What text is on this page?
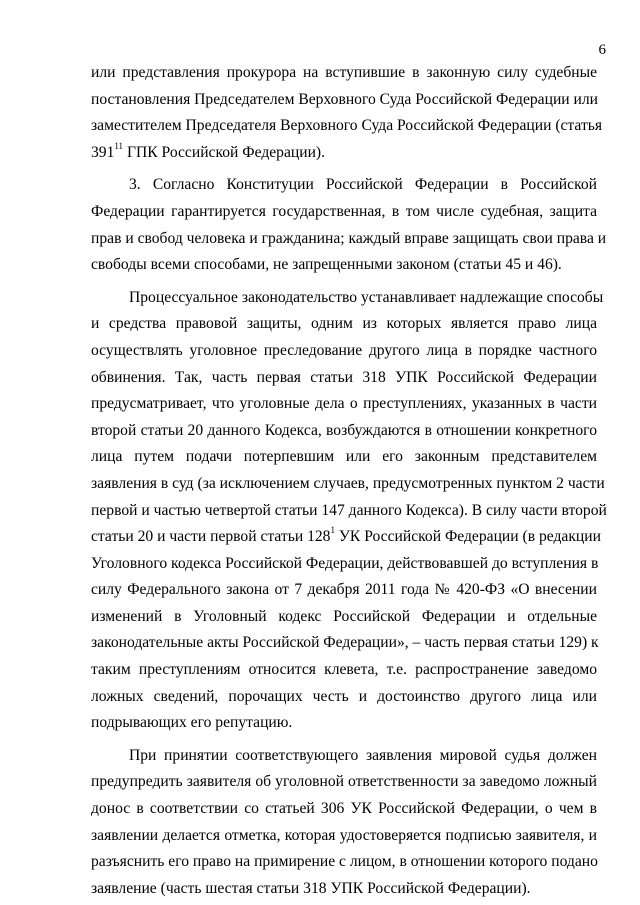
6
или представления прокурора на вступившие в законную силу судебные
постановления Председателем Верховного Суда Российской Федерации или
заместителем Председателя Верховного Суда Российской Федерации (статья
$391^{11}$ ГПК Российской Федерации).
3. Согласно Конституции Российской Федерации в Российской
Федерации гарантируется государственная, в том числе судебная, защита
прав и свобод человека и гражданина; каждый вправе защищать свои права и
свободы всеми способами, не запрещенными законом (статьи 45 и 46).
Процессуальное законодательство устанавливает надлежащие способы
и средства правовой защиты, одним из которых является право лица
осуществлять уголовное преследование другого лица в порядке частного
обвинения. Так, часть первая статьи 318 УПК Российской Федерации
предусматривает, что уголовные дела о преступлениях, указанных в части
второй статьи 20 данного Кодекса, возбуждаются в отношении конкретного
лица путем подачи потерпевшим или его законным представителем
заявления в суд (за исключением случаев, предусмотренных пунктом 2 части
первой и частью четвертой статьи 147 данного Кодекса). В силу части второй
статьи 20 и части первой статьи $128^1$ УК Российской Федерации (в редакции
Уголовного кодекса Российской Федерации, действовавшей до вступления в
силу Федерального закона от 7 декабря 2011 года № 420-ФЗ «О внесении
изменений в Уголовный кодекс Российской Федерации и отдельные
законодательные акты Российской Федерации», – часть первая статьи 129) к
таким преступлениям относится клевета, т.е. распространение заведомо
ложных сведений, порочащих честь и достоинство другого лица или
подрывающих его репутацию.
При принятии соответствующего заявления мировой судья должен
предупредить заявителя об уголовной ответственности за заведомо ложный
донос в соответствии со статьей 306 УК Российской Федерации, о чем в
заявлении делается отметка, которая удостоверяется подписью заявителя, и
разъяснить его право на примирение с лицом, в отношении которого подано
заявление (часть шестая статьи 318 УПК Российской Федерации).
